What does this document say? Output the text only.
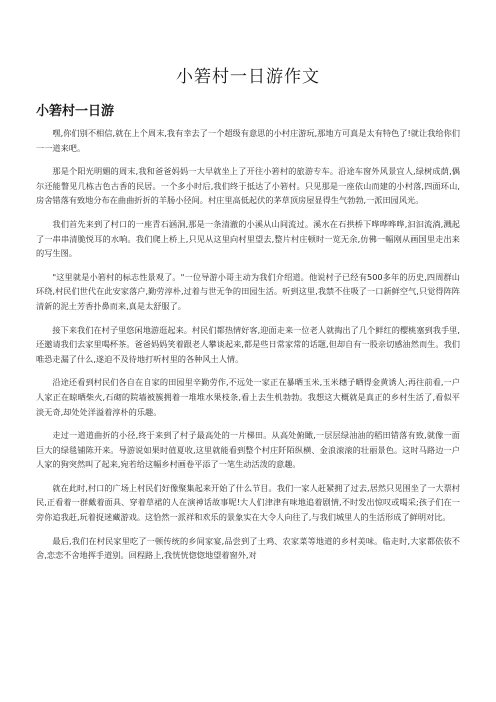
小箬村一日游作文
小箬村一日游

嘿,你们别不相信,就在上个周末,我有幸去了一个超级有意思的小村庄游玩,那地方可真是太有特色了!就让我给你们一一道来吧。

那是个阳光明媚的周末,我和爸爸妈妈一大早就坐上了开往小箬村的旅游专车。沿途车窗外风景宜人,绿树成荫,偶尔还能瞥见几栋古色古香的民居。一个多小时后,我们终于抵达了小箬村。只见那是一座依山而建的小村落,四面环山,房舍错落有致地分布在曲曲折折的羊肠小径间。村庄里高低起伏的茅草顶房屋显得生气勃勃,一派田园风光。

我们首先来到了村口的一座青石涵洞,那是一条清澈的小溪从山间流过。溪水在石拱桥下哗哗哗哗,汩汩流淌,溅起了一串串清脆悦耳的水响。我们爬上桥上,只见从这里向村里望去,整片村庄顿时一览无余,仿佛一幅刚从画国里走出来的写生图。

"这里就是小箬村的标志性景观了。"一位导游小哥主动为我们介绍道。他说村子已经有500多年的历史,四周群山环绕,村民们世代在此安家落户,勤劳淳朴,过着与世无争的田园生活。听到这里,我禁不住吸了一口新鲜空气,只觉得阵阵清新的泥土芳香扑鼻而来,真是太舒服了。

接下来我们在村子里悠闲地游逛起来。村民们都热情好客,迎面走来一位老人就掏出了几个鲜红的樱桃塞到我手里,还邀请我们去家里喝杯茶。爸爸妈妈笑着跟老人攀谈起来,都是些日常家常的话题,但却自有一股亲切感油然而生。我们唯恐走漏了什么,遂迫不及待地打听村里的各种风土人情。

沿途还看到村民们各自在自家的田园里辛勤劳作,不远处一家正在暴晒玉米,玉米穗子晒得金黄诱人;再往前看,一户人家正在晾晒柴火,石砌的院墙被簇拥着一堆堆水果枝条,看上去生机勃勃。我想这大概就是真正的乡村生活了,看似平淡无奇,却处处洋溢着淳朴的乐趣。

走过一道道曲折的小径,终于来到了村子最高处的一片梯田。从高处俯瞰,一层层绿油油的稻田错落有致,就像一面巨大的绿毯铺陈开来。导游说如果时值夏收,这里就能看到整个村庄阡陌纵横、金浪滚滚的壮丽景色。这时马路边一户人家的狗突然叫了起来,宛若给这幅乡村画卷平添了一笔生动活泼的意趣。

就在此时,村口的广场上村民们好像聚集起来开始了什么节目。我们一家人赶紧拥了过去,居然只见围坐了一大票村民,正看着一群戴着面具、穿着草裙的人在演神话故事呢!大人们津津有味地追着剧情,不时发出惊叹或喝采;孩子们在一旁你追我赶,玩着捉迷藏游戏。这恰然一派祥和欢乐的景象实在大令人向往了,与我们城里人的生活形成了鲜明对比。

最后,我们在村民家里吃了一顿传统的乡间家宴,品尝到了土鸡、农家菜等地道的乡村美味。临走时,大家都依依不舍,恋恋不舍地挥手道别。回程路上,我恍恍惚惚地望着窗外,对
